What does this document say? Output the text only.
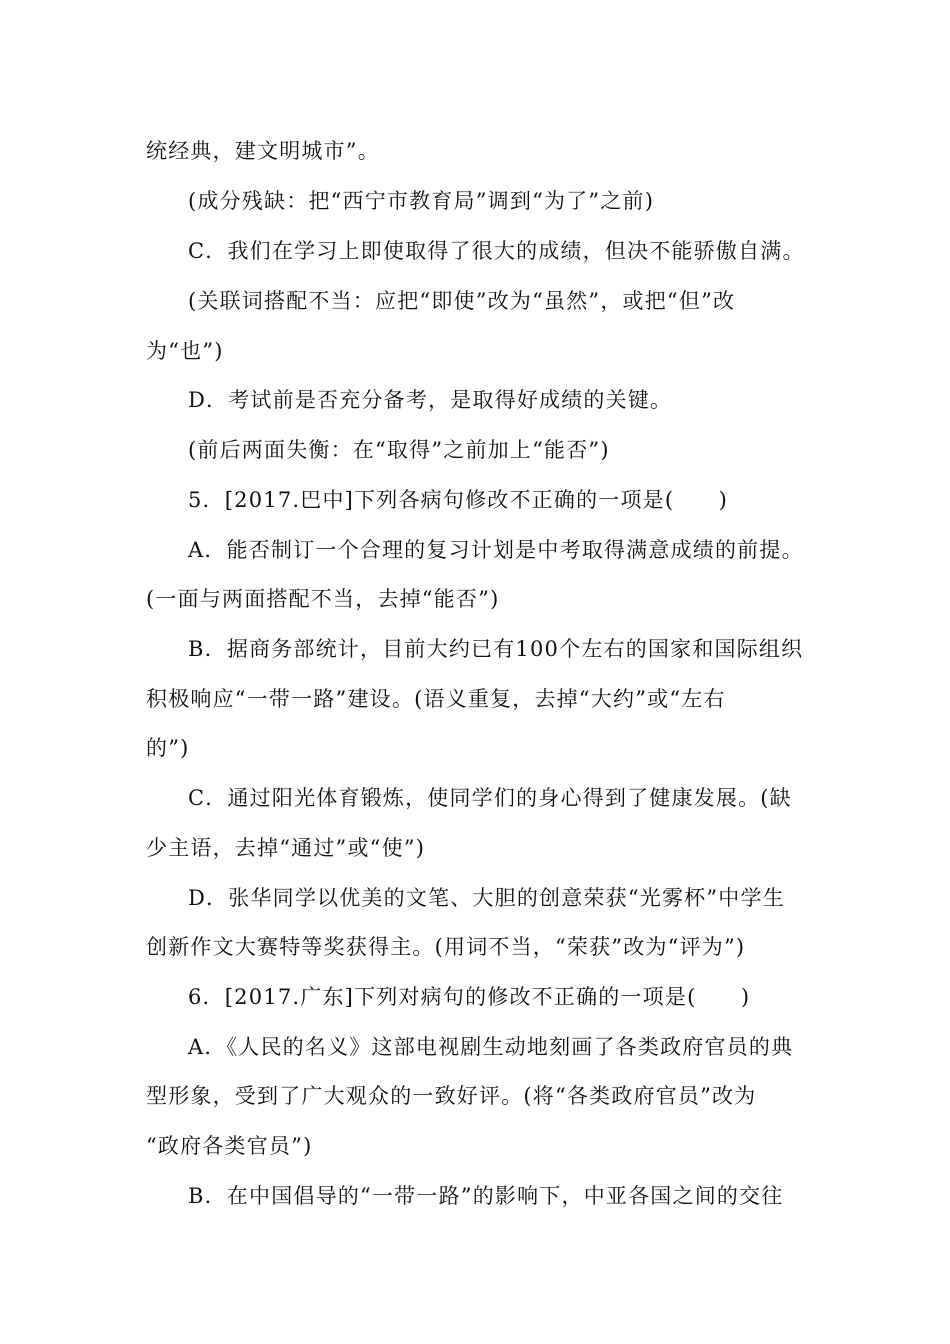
统经典，建文明城市”。
(成分残缺：把“西宁市教育局”调到“为了”之前)
C．我们在学习上即使取得了很大的成绩，但决不能骄傲自满。
(关联词搭配不当：应把“即使”改为“虽然”，或把“但”改
为“也”)
D．考试前是否充分备考，是取得好成绩的关键。
(前后两面失衡：在“取得”之前加上“能否”)
5．[2017.巴中]下列各病句修改不正确的一项是(　　)
A．能否制订一个合理的复习计划是中考取得满意成绩的前提。
(一面与两面搭配不当，去掉“能否”)
B．据商务部统计，目前大约已有100个左右的国家和国际组织
积极响应“一带一路”建设。(语义重复，去掉“大约”或“左右
的”)
C．通过阳光体育锻炼，使同学们的身心得到了健康发展。(缺
少主语，去掉“通过”或“使”)
D．张华同学以优美的文笔、大胆的创意荣获“光雾杯”中学生
创新作文大赛特等奖获得主。(用词不当，“荣获”改为“评为”)
6．[2017.广东]下列对病句的修改不正确的一项是(　　)
A．《人民的名义》这部电视剧生动地刻画了各类政府官员的典
型形象，受到了广大观众的一致好评。(将“各类政府官员”改为
“政府各类官员”)
B．在中国倡导的“一带一路”的影响下，中亚各国之间的交往
